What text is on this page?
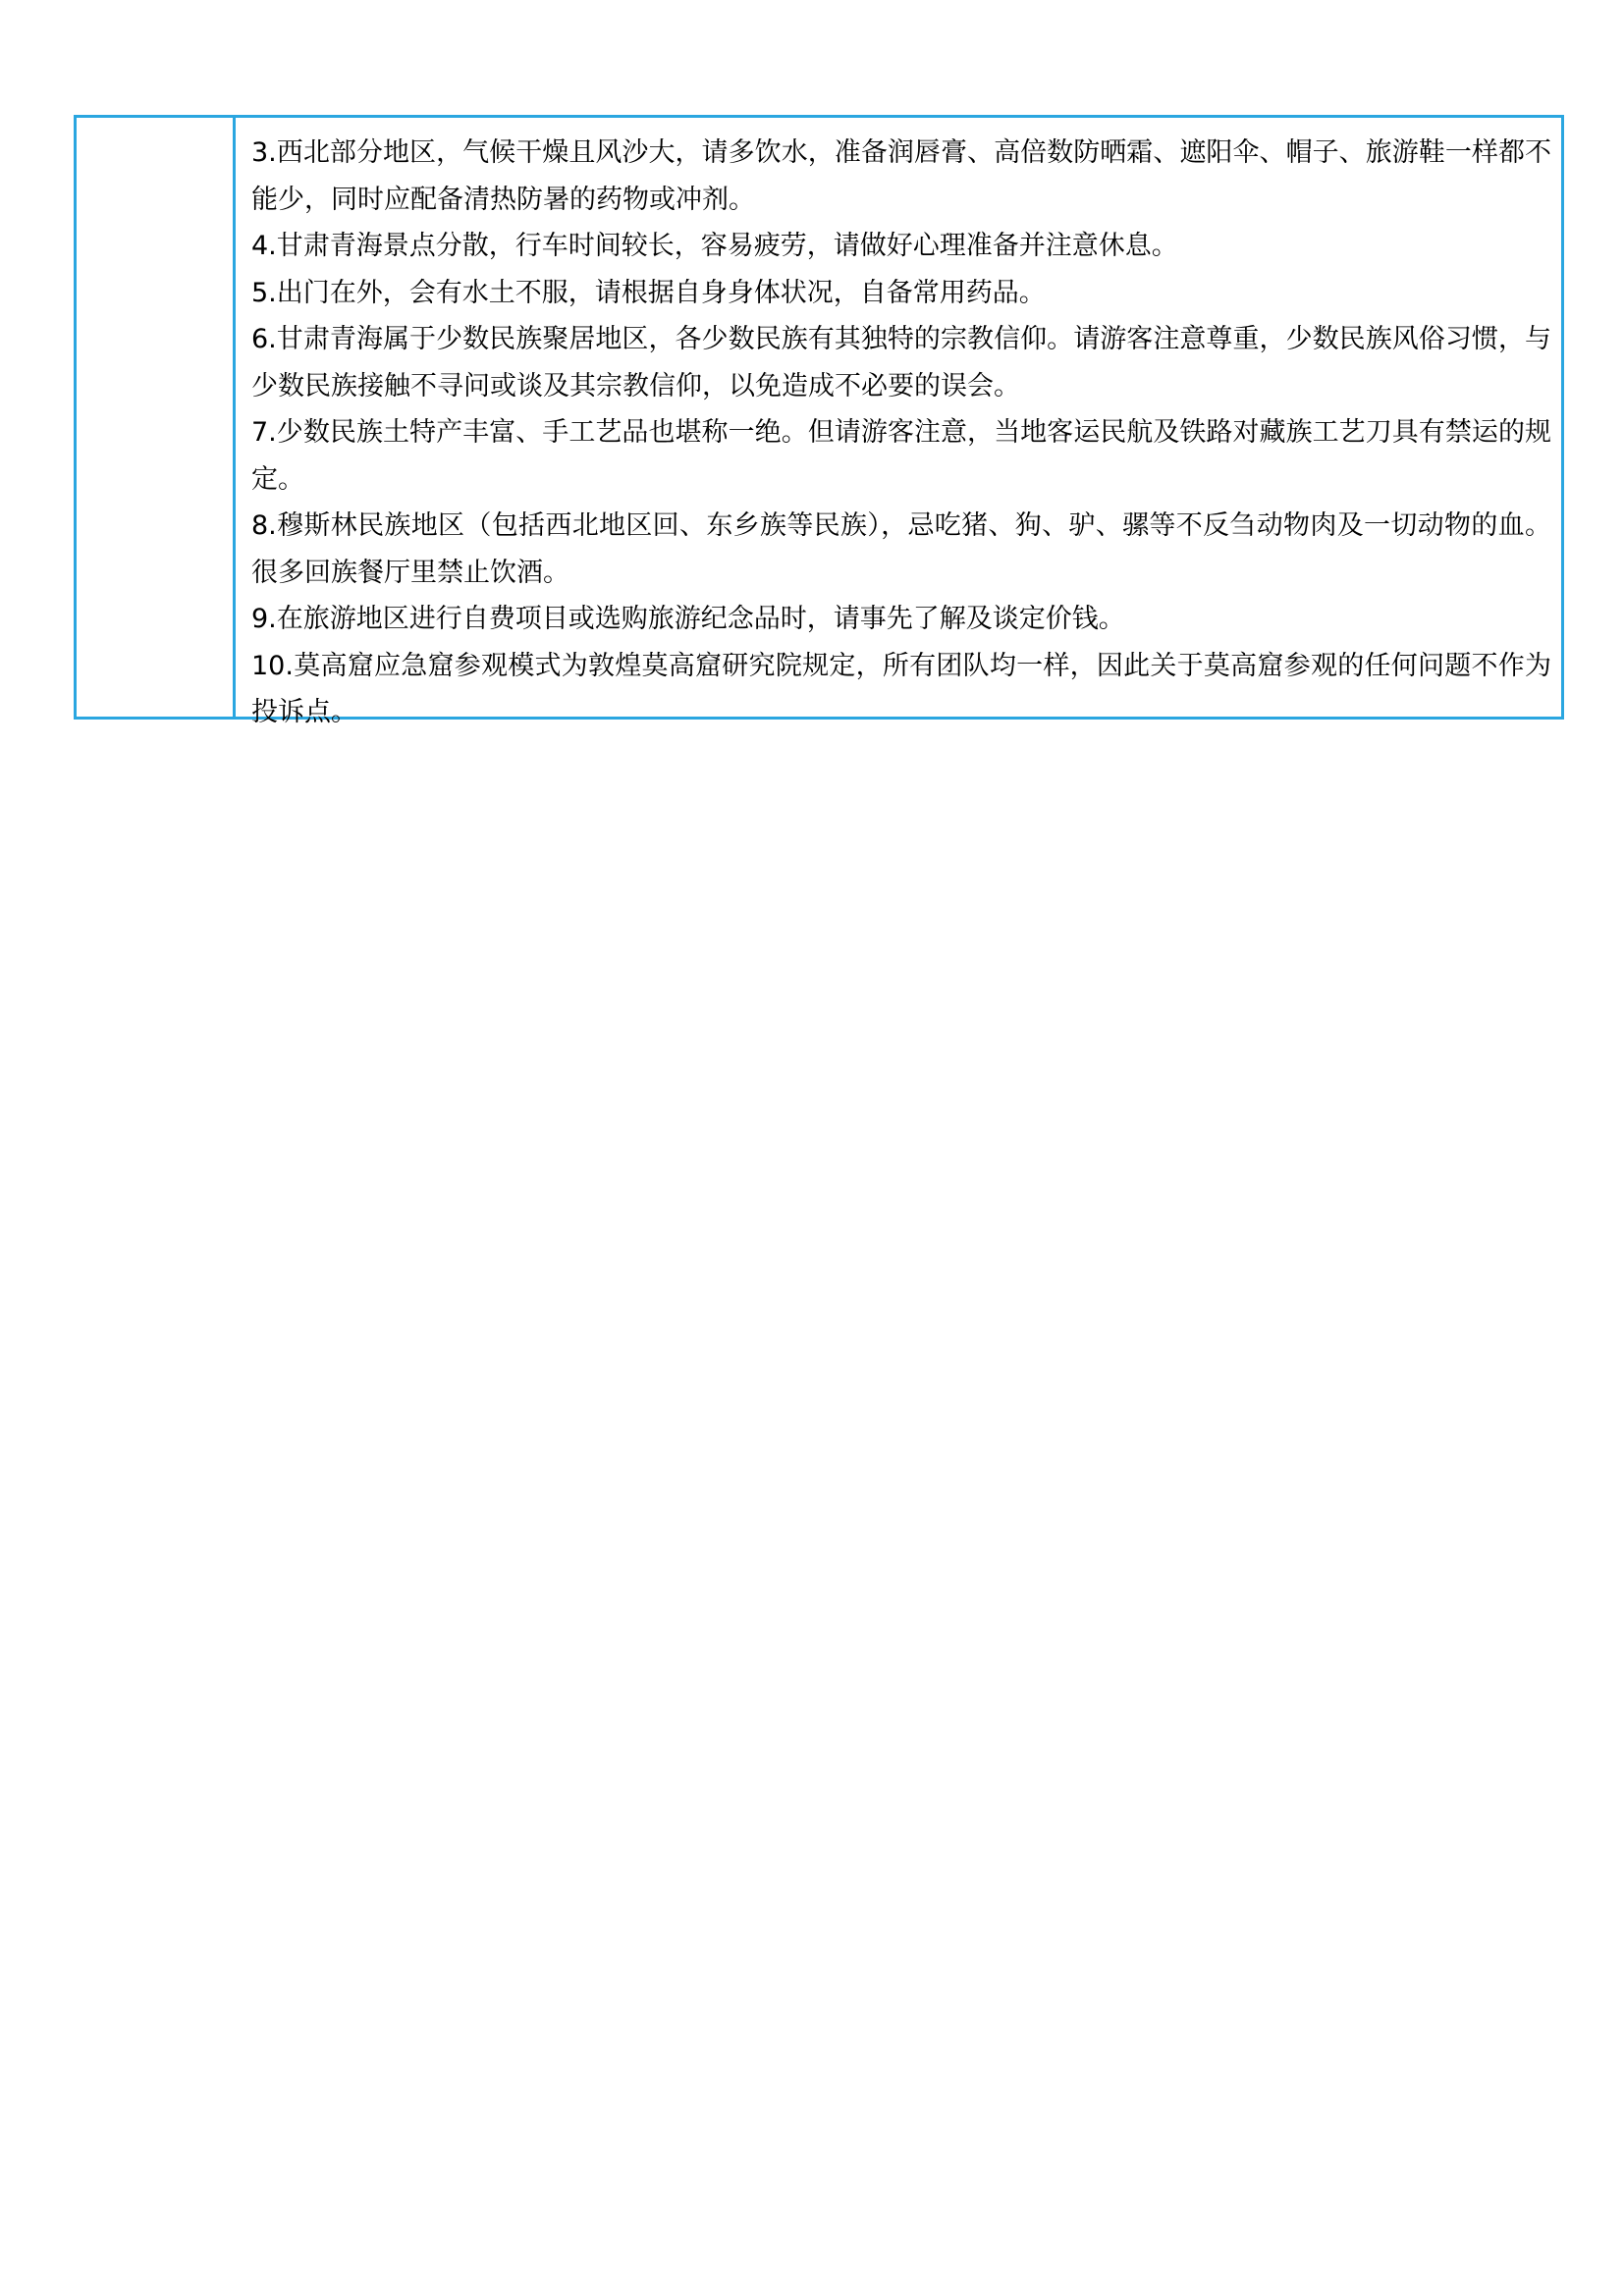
3.西北部分地区，气候干燥且风沙大，请多饮水，准备润唇膏、高倍数防晒霜、遮阳伞、帽子、旅游鞋一样都不能少，同时应配备清热防暑的药物或冲剂。

4.甘肃青海景点分散，行车时间较长，容易疲劳，请做好心理准备并注意休息。

5.出门在外，会有水土不服，请根据自身身体状况，自备常用药品。

6.甘肃青海属于少数民族聚居地区，各少数民族有其独特的宗教信仰。请游客注意尊重，少数民族风俗习惯，与少数民族接触不寻问或谈及其宗教信仰，以免造成不必要的误会。

7.少数民族土特产丰富、手工艺品也堪称一绝。但请游客注意，当地客运民航及铁路对藏族工艺刀具有禁运的规定。

8.穆斯林民族地区（包括西北地区回、东乡族等民族），忌吃猪、狗、驴、骡等不反刍动物肉及一切动物的血。很多回族餐厅里禁止饮酒。

9.在旅游地区进行自费项目或选购旅游纪念品时，请事先了解及谈定价钱。

10.莫高窟应急窟参观模式为敦煌莫高窟研究院规定，所有团队均一样，因此关于莫高窟参观的任何问题不作为投诉点。
